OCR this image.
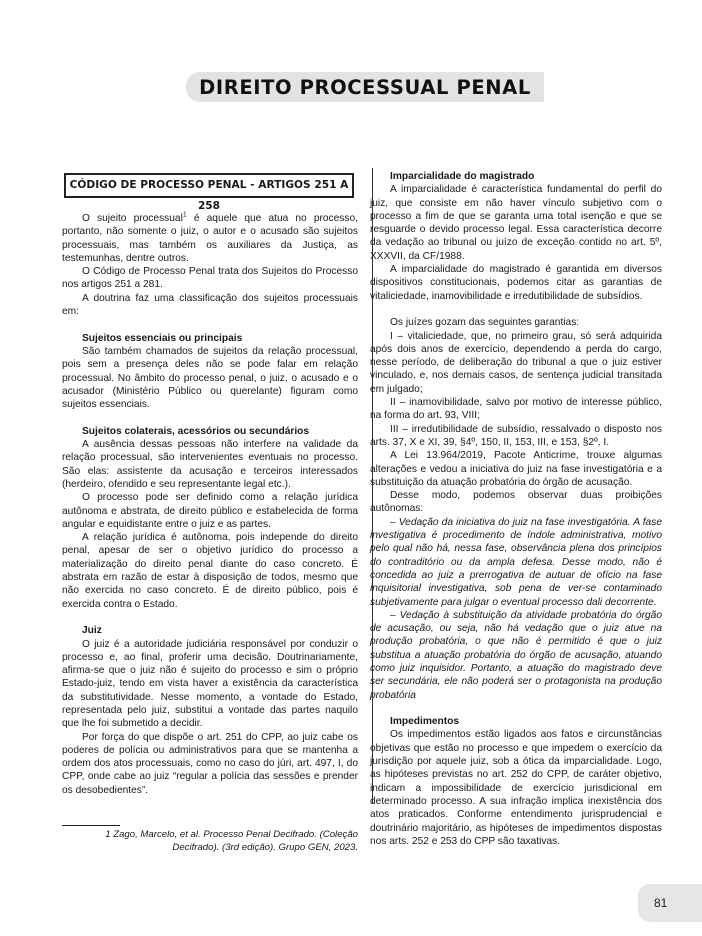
DIREITO PROCESSUAL PENAL
CÓDIGO DE PROCESSO PENAL - ARTIGOS 251 A 258

O sujeito processual$^1$ é aquele que atua no processo, portanto, não somente o juiz, o autor e o acusado são sujeitos processuais, mas também os auxiliares da Justiça, as testemunhas, dentre outros.

O Código de Processo Penal trata dos Sujeitos do Processo nos artigos 251 a 281.

A doutrina faz uma classificação dos sujeitos processuais em:

Sujeitos essenciais ou principais

São também chamados de sujeitos da relação processual, pois sem a presença deles não se pode falar em relação processual. No âmbito do processo penal, o juiz, o acusado e o acusador (Ministério Público ou querelante) figuram como sujeitos essenciais.

Sujeitos colaterais, acessórios ou secundários

A ausência dessas pessoas não interfere na validade da relação processual, são intervenientes eventuais no processo. São elas: assistente da acusação e terceiros interessados (herdeiro, ofendido e seu representante legal etc.).

O processo pode ser definido como a relação jurídica autônoma e abstrata, de direito público e estabelecida de forma angular e equidistante entre o juiz e as partes.

A relação jurídica é autônoma, pois independe do direito penal, apesar de ser o objetivo jurídico do processo a materialização do direito penal diante do caso concreto. É abstrata em razão de estar à disposição de todos, mesmo que não exercida no caso concreto. É de direito público, pois é exercida contra o Estado.

Juiz

O juiz é a autoridade judiciária responsável por conduzir o processo e, ao final, proferir uma decisão. Doutrinariamente, afirma-se que o juiz não é sujeito do processo e sim o próprio Estado-juiz, tendo em vista haver a existência da característica da substitutividade. Nesse momento, a vontade do Estado, representada pelo juiz, substitui a vontade das partes naquilo que lhe foi submetido a decidir.

Por força do que dispõe o art. 251 do CPP, ao juiz cabe os poderes de polícia ou administrativos para que se mantenha a ordem dos atos processuais, como no caso do júri, art. 497, I, do CPP, onde cabe ao juiz “regular a polícia das sessões e prender os desobedientes”.

Imparcialidade do magistrado

A imparcialidade é característica fundamental do perfil do juiz, que consiste em não haver vínculo subjetivo com o processo a fim de que se garanta uma total isenção e que se resguarde o devido processo legal. Essa característica decorre da vedação ao tribunal ou juízo de exceção contido no art. 5º, XXXVII, da CF/1988.

A imparcialidade do magistrado é garantida em diversos dispositivos constitucionais, podemos citar as garantias de vitaliciedade, inamovibilidade e irredutibilidade de subsídios.

Os juízes gozam das seguintes garantias:

I – vitaliciedade, que, no primeiro grau, só será adquirida após dois anos de exercício, dependendo a perda do cargo, nesse período, de deliberação do tribunal a que o juiz estiver vinculado, e, nos demais casos, de sentença judicial transitada em julgado;

II – inamovibilidade, salvo por motivo de interesse público, na forma do art. 93, VIII;

III – irredutibilidade de subsídio, ressalvado o disposto nos arts. 37, X e XI, 39, §4º, 150, II, 153, III, e 153, §2º, I.

A Lei 13.964/2019, Pacote Anticrime, trouxe algumas alterações e vedou a iniciativa do juiz na fase investigatória e a substituição da atuação probatória do órgão de acusação.

Desse modo, podemos observar duas proibições autônomas:

– Vedação da iniciativa do juiz na fase investigatória. A fase investigativa é procedimento de índole administrativa, motivo pelo qual não há, nessa fase, observância plena dos princípios do contraditório ou da ampla defesa. Desse modo, não é concedida ao juiz a prerrogativa de autuar de ofício na fase inquisitorial investigativa, sob pena de ver-se contaminado subjetivamente para julgar o eventual processo dali decorrente.

– Vedação à substituição da atividade probatória do órgão de acusação, ou seja, não há vedação que o juiz atue na produção probatória, o que não é permitido é que o juiz substitua a atuação probatória do órgão de acusação, atuando como juiz inquisidor. Portanto, a atuação do magistrado deve ser secundária, ele não poderá ser o protagonista na produção probatória

Impedimentos

Os impedimentos estão ligados aos fatos e circunstâncias objetivas que estão no processo e que impedem o exercício da jurisdição por aquele juiz, sob a ótica da imparcialidade. Logo, as hipóteses previstas no art. 252 do CPP, de caráter objetivo, indicam a impossibilidade de exercício jurisdicional em determinado processo. A sua infração implica inexistência dos atos praticados. Conforme entendimento jurisprudencial e doutrinário majoritário, as hipóteses de impedimentos dispostas nos arts. 252 e 253 do CPP são taxativas.

1 Zago, Marcelo, et al. Processo Penal Decifrado. (Coleção Decifrado). (3rd edição). Grupo GEN, 2023.
81
